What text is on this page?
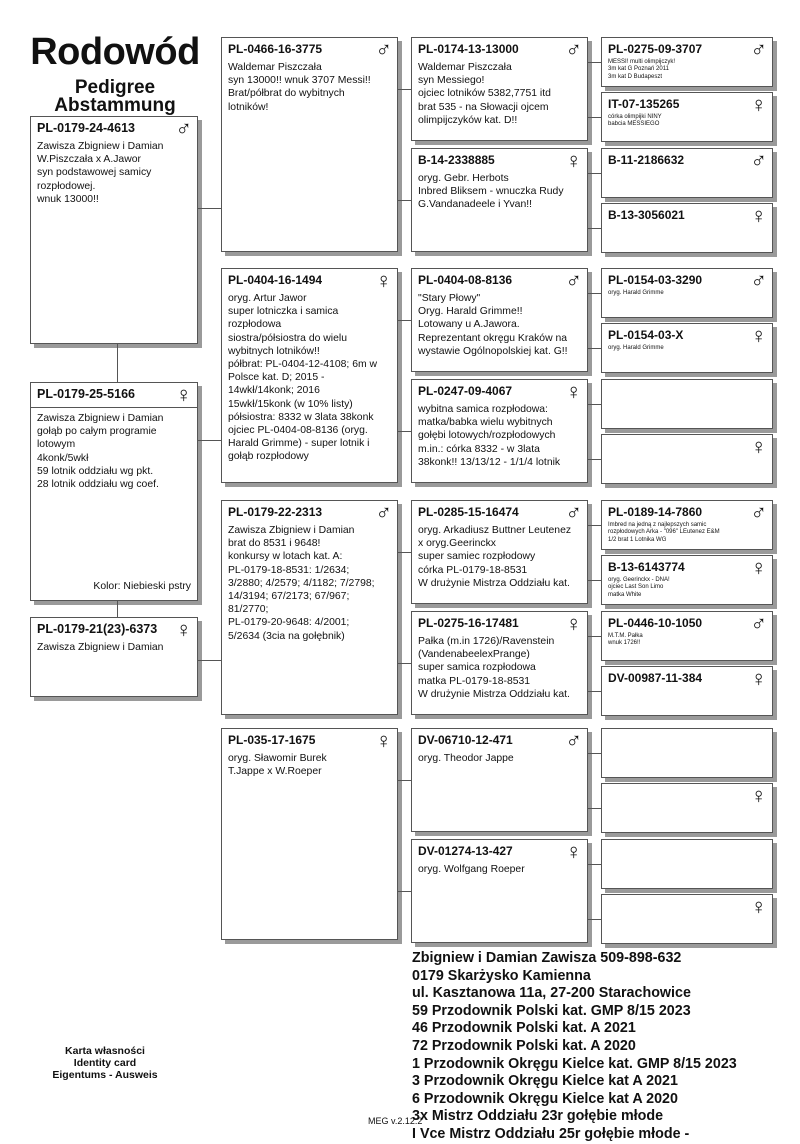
Rodowód
Pedigree
Abstammung
PL-0179-24-4613	♂
Zawisza Zbigniew i Damian
W.Piszczała x A.Jawor
syn podstawowej samicy
rozpłodowej.
wnuk 13000!!
PL-0179-25-5166	♀
Zawisza Zbigniew i Damian
gołąb po całym programie
lotowym
4konk/5wkł
59 lotnik oddziału wg pkt.
28 lotnik oddziału wg coef.
Kolor: Niebieski pstry
PL-0179-21(23)-6373 ♀
Zawisza Zbigniew i Damian
PL-0466-16-3775	♂
Waldemar Piszczała
syn 13000!! wnuk 3707 Messi!!
Brat/półbrat do wybitnych
lotników!
PL-0174-13-13000	♂
Waldemar Piszczała
syn Messiego!
ojciec lotników 5382,7751 itd
brat 535 - na Słowacji ojcem
olimpijczyków kat. D!!
B-14-2338885	♀
oryg. Gebr. Herbots
Inbred Bliksem - wnuczka Rudy
G.Vandanadeele i Yvan!!
PL-0275-09-3707	♂
MESSI! multi olimpijczyk!
3m kat G Poznań 2011
3m kat D Budapeszt
IT-07-135265	♀
córka olimpijki NINY
babcia MESSIEGO
B-11-2186632	♂
B-13-3056021	♀
PL-0404-16-1494	♀
oryg. Artur Jawor
super lotniczka i samica
rozpłodowa
siostra/półsiostra do wielu
wybitnych lotników!!
półbrat: PL-0404-12-4108; 6m w
Polsce kat. D; 2015 -
14wkł/14konk; 2016
15wkł/15konk (w 10% listy)
półsiostra: 8332 w 3lata 38konk
ojciec PL-0404-08-8136 (oryg.
Harald Grimme) - super lotnik i
gołąb rozpłodowy
PL-0404-08-8136	♂
"Stary Płowy"
Oryg. Harald Grimme!!
Lotowany u A.Jawora.
Reprezentant okręgu Kraków na
wystawie Ogólnopolskiej kat. G!!
PL-0247-09-4067	♀
wybitna samica rozpłodowa:
matka/babka wielu wybitnych
gołębi lotowych/rozpłodowych
m.in.: córka 8332 - w 3lata
38konk!! 13/13/12 - 1/1/4 lotnik
PL-0154-03-3290	♂
oryg. Harald Grimme
PL-0154-03-X	♀
oryg. Harald Grimme
♀
PL-0179-22-2313	♂
Zawisza Zbigniew i Damian
brat do 8531 i 9648!
konkursy w lotach kat. A:
PL-0179-18-8531: 1/2634;
3/2880; 4/2579; 4/1182; 7/2798;
14/3194; 67/2173; 67/967;
81/2770;
PL-0179-20-9648: 4/2001;
5/2634 (3cia na gołębnik)
PL-0285-15-16474	♂
oryg. Arkadiusz Buttner Leutenez
x oryg.Geerinckx
super samiec rozpłodowy
córka PL-0179-18-8531
W drużynie Mistrza Oddziału kat.
PL-0275-16-17481	♀
Pałka (m.in 1726)/Ravenstein
(VandenabeelexPrange)
super samica rozpłodowa
matka PL-0179-18-8531
W drużynie Mistrza Oddziału kat.
PL-0189-14-7860	♂
Imbred na jedną z najlepszych samic
rozpłodowych Arka - "096" LEutenez E&M
1/2 brat 1 Lotnika WG
B-13-6143774	♀
oryg. Geerinckx - DNA!
ojciec Last Son Limo
matka White
PL-0446-10-1050	♂
M.T.M. Pałka
wnuk 1726!!
DV-00987-11-384	♀
PL-035-17-1675	♀
oryg. Sławomir Burek
T.Jappe x W.Roeper
DV-06710-12-471	♂
oryg. Theodor Jappe
DV-01274-13-427	♀
oryg. Wolfgang Roeper
♀
♀
Karta własności
Identity card
Eigentums - Ausweis
Zbigniew i Damian Zawisza 509-898-632
0179 Skarżysko Kamienna
ul. Kasztanowa 11a, 27-200 Starachowice
59 Przodownik Polski kat. GMP 8/15 2023
46 Przodownik Polski kat. A 2021
72 Przodownik Polski kat. A 2020
1 Przodownik Okręgu Kielce kat. GMP 8/15 2023
3 Przodownik Okręgu Kielce kat A 2021
6 Przodownik Okręgu Kielce kat A 2020
3x Mistrz Oddziału 23r gołębie młode
I Vce Mistrz Oddziału 25r gołębie młode -
MEG v.2.12.2
